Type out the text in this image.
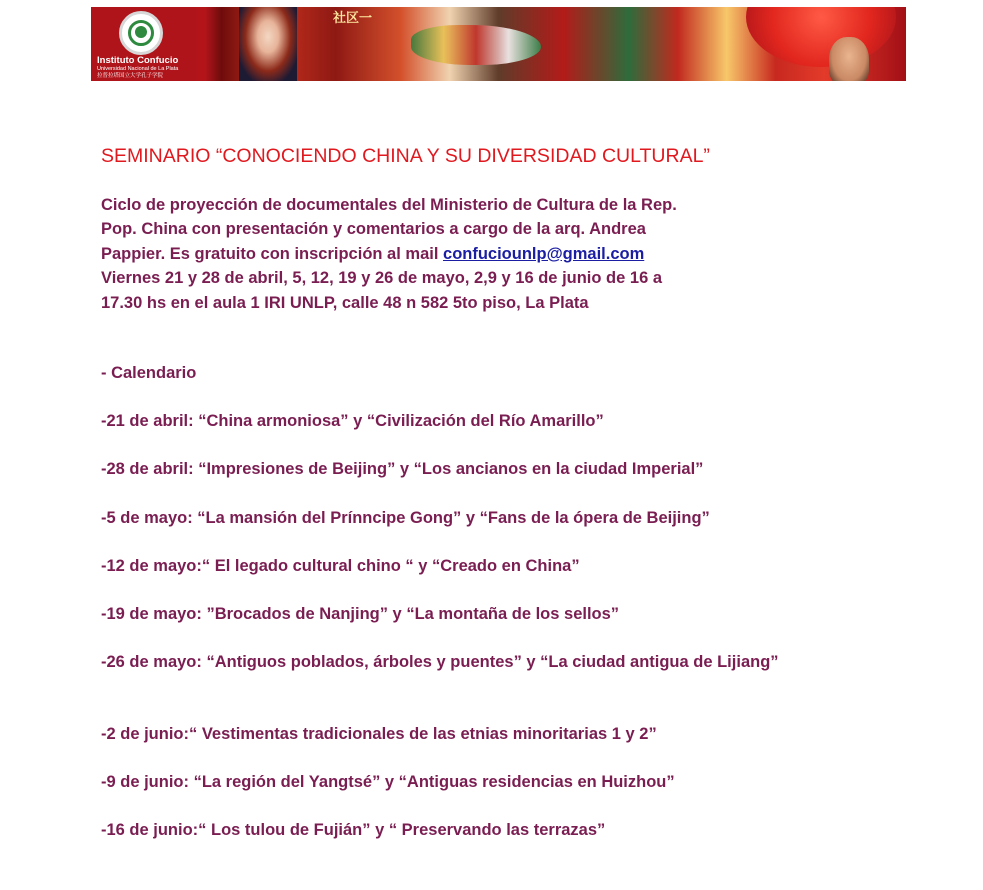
Instituto Confucio
Universidad Nacional de La Plata
拉普拉塔国立大学孔子学院
社区一
SEMINARIO “CONOCIENDO CHINA Y SU DIVERSIDAD CULTURAL”
Ciclo de proyección de documentales del Ministerio de Cultura de la Rep.
Pop. China con presentación y comentarios a cargo de la arq. Andrea
Pappier. Es gratuito con inscripción al mail confuciounlp@gmail.com
Viernes 21 y 28 de abril, 5, 12, 19 y 26 de mayo, 2,9 y 16 de junio de 16 a
17.30 hs en el aula 1 IRI UNLP, calle 48 n 582 5to piso, La Plata
- Calendario
-21 de abril: “China armoniosa” y “Civilización del Río Amarillo”
-28 de abril: “Impresiones de Beijing” y “Los ancianos en la ciudad Imperial”
-5 de mayo: “La mansión del Prínncipe Gong” y “Fans de la ópera de Beijing”
-12 de mayo:“ El legado cultural chino “ y “Creado en China”
-19 de mayo: ”Brocados de Nanjing” y “La montaña de los sellos”
-26 de mayo: “Antiguos poblados, árboles y puentes” y “La ciudad antigua de Lijiang”
-2 de junio:“ Vestimentas tradicionales de las etnias minoritarias 1 y 2”
-9 de junio: “La región del Yangtsé” y “Antiguas residencias en Huizhou”
-16 de junio:“ Los tulou de Fujián” y “ Preservando las terrazas”
